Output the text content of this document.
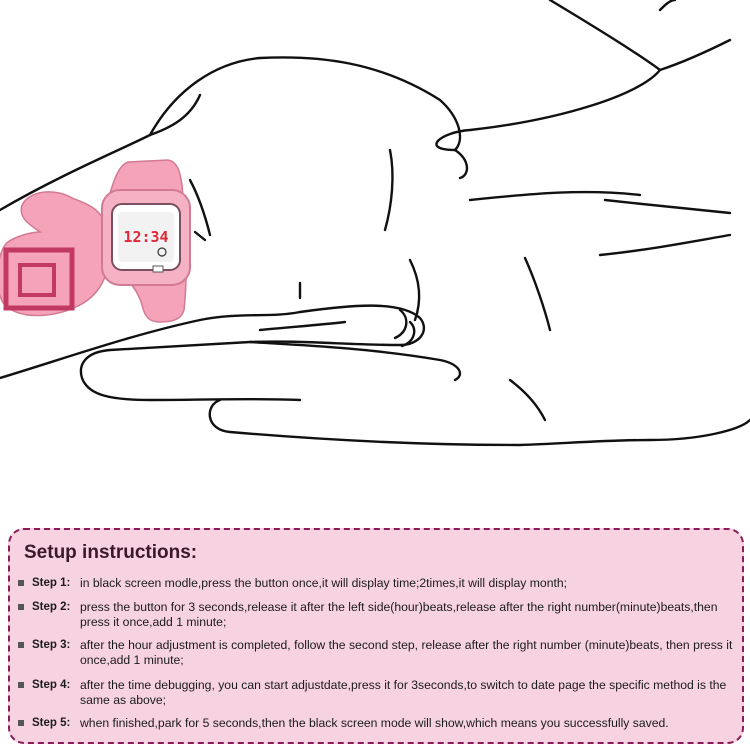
12:34
Setup instructions:
Step 1: in black screen modle,press the button once,it will display time;2times,it will display month;
Step 2: press the button for 3 seconds,release it after the left side(hour)beats,release after the right number(minute)beats,then press it once,add 1 minute;
Step 3: after the hour adjustment is completed, follow the second step, release after the right number (minute)beats, then press it once,add 1 minute;
Step 4: after the time debugging, you can start adjustdate,press it for 3seconds,to switch to date page the specific method is the same as above;
Step 5: when finished,park for 5 seconds,then the black screen mode will show,which means you successfully saved.
